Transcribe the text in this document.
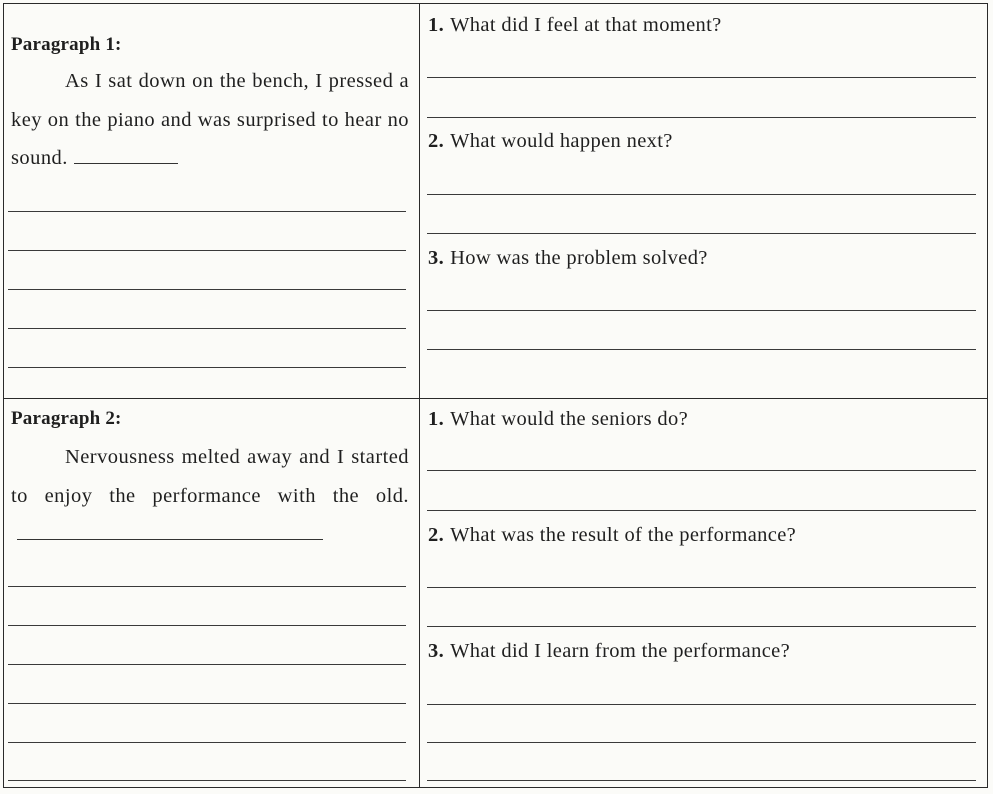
Paragraph 1:
As I sat down on the bench, I pressed a key on the piano and was surprised to hear no sound.
1. What did I feel at that moment?
2. What would happen next?
3. How was the problem solved?
Paragraph 2:
Nervousness melted away and I started to enjoy the performance with the old.
1. What would the seniors do?
2. What was the result of the performance?
3. What did I learn from the performance?
